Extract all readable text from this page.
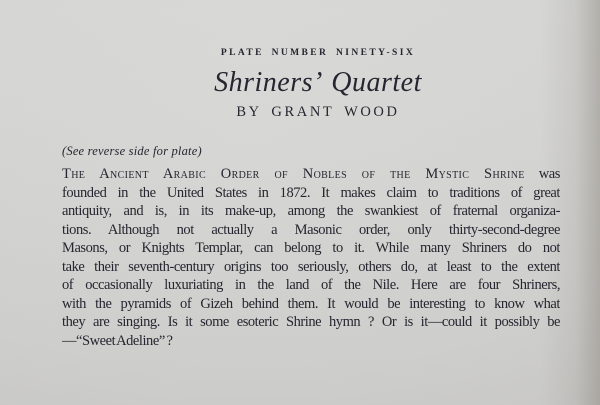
PLATE NUMBER NINETY-SIX
Shriners’ Quartet
BY GRANT WOOD
(See reverse side for plate)
The Ancient Arabic Order of Nobles of the Mystic Shrine was
founded in the United States in 1872. It makes claim to traditions of great
antiquity, and is, in its make-up, among the swankiest of fraternal organiza-
tions. Although not actually a Masonic order, only thirty-second-degree
Masons, or Knights Templar, can belong to it. While many Shriners do not
take their seventh-century origins too seriously, others do, at least to the extent
of occasionally luxuriating in the land of the Nile. Here are four Shriners,
with the pyramids of Gizeh behind them. It would be interesting to know what
they are singing. Is it some esoteric Shrine hymn ? Or is it—could it possibly be
—“Sweet Adeline” ?
